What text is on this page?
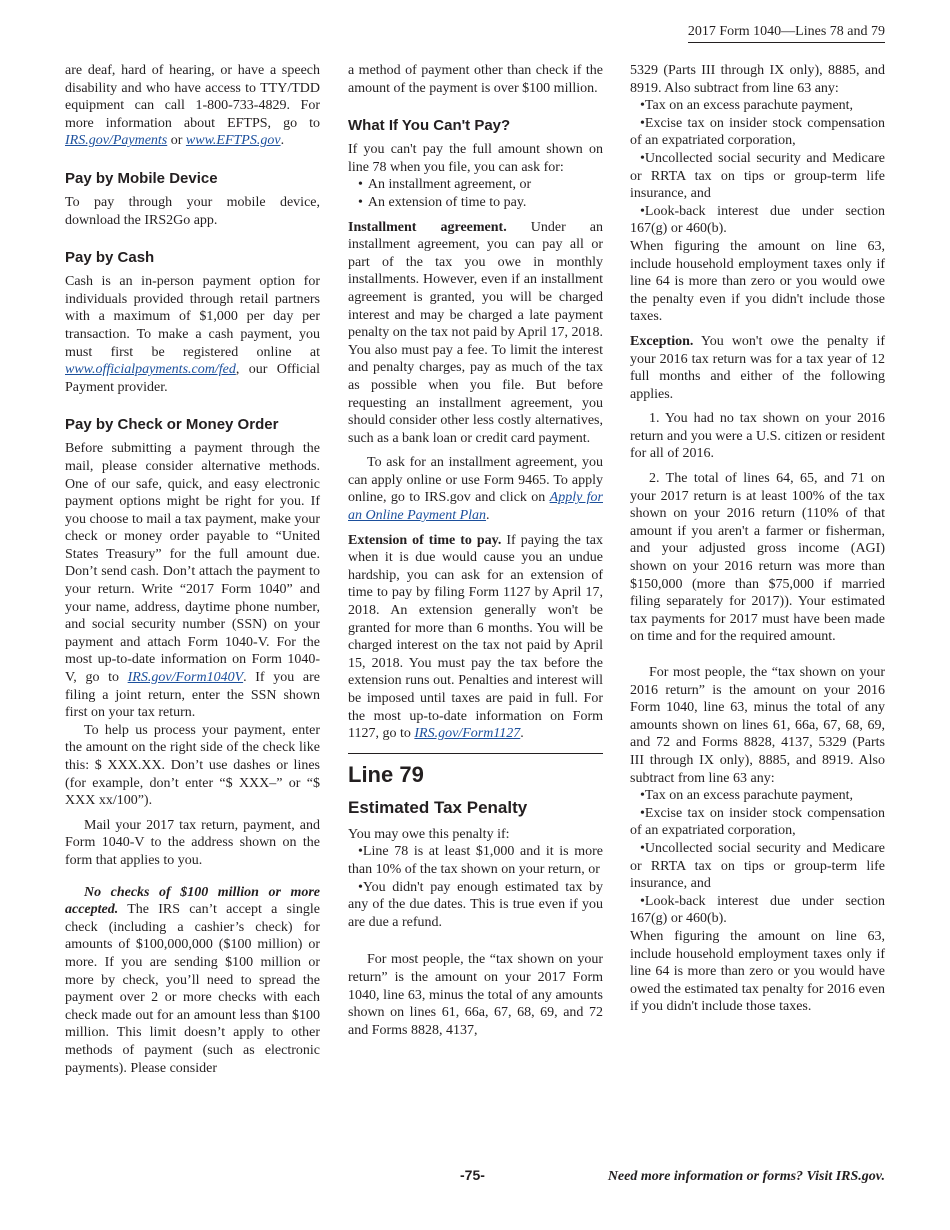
2017 Form 1040—Lines 78 and 79

are deaf, hard of hearing, or have a speech disability and who have access to TTY/TDD equipment can call 1-800-733-4829. For more information about EFTPS, go to IRS.gov/Payments or www.EFTPS.gov.

Pay by Mobile Device

To pay through your mobile device, download the IRS2Go app.

Pay by Cash

Cash is an in-person payment option for individuals provided through retail partners with a maximum of $1,000 per day per transaction. To make a cash payment, you must first be registered online at www.officialpayments.com/fed, our Official Payment provider.

Pay by Check or Money Order

Before submitting a payment through the mail, please consider alternative methods. One of our safe, quick, and easy electronic payment options might be right for you. If you choose to mail a tax payment, make your check or money order payable to “United States Treasury” for the full amount due. Don’t send cash. Don’t attach the payment to your return. Write “2017 Form 1040” and your name, address, daytime phone number, and social security number (SSN) on your payment and attach Form 1040-V. For the most up-to-date information on Form 1040-V, go to IRS.gov/Form1040V. If you are filing a joint return, enter the SSN shown first on your tax return.

To help us process your payment, enter the amount on the right side of the check like this: $ XXX.XX. Don’t use dashes or lines (for example, don’t enter “$ XXX–” or “$ XXX xx/100”).

Mail your 2017 tax return, payment, and Form 1040-V to the address shown on the form that applies to you.

No checks of $100 million or more accepted. The IRS can’t accept a single check (including a cashier’s check) for amounts of $100,000,000 ($100 million) or more. If you are sending $100 million or more by check, you’ll need to spread the payment over 2 or more checks with each check made out for an amount less than $100 million. This limit doesn’t apply to other methods of payment (such as electronic payments). Please consider

a method of payment other than check if the amount of the payment is over $100 million.

What If You Can't Pay?

If you can't pay the full amount shown on line 78 when you file, you can ask for:

• An installment agreement, or
• An extension of time to pay.

Installment agreement. Under an installment agreement, you can pay all or part of the tax you owe in monthly installments. However, even if an installment agreement is granted, you will be charged interest and may be charged a late payment penalty on the tax not paid by April 17, 2018. You also must pay a fee. To limit the interest and penalty charges, pay as much of the tax as possible when you file. But before requesting an installment agreement, you should consider other less costly alternatives, such as a bank loan or credit card payment.

To ask for an installment agreement, you can apply online or use Form 9465. To apply online, go to IRS.gov and click on Apply for an Online Payment Plan.

Extension of time to pay. If paying the tax when it is due would cause you an undue hardship, you can ask for an extension of time to pay by filing Form 1127 by April 17, 2018. An extension generally won't be granted for more than 6 months. You will be charged interest on the tax not paid by April 15, 2018. You must pay the tax before the extension runs out. Penalties and interest will be imposed until taxes are paid in full. For the most up-to-date information on Form 1127, go to IRS.gov/Form1127.

Line 79
Estimated Tax Penalty

You may owe this penalty if:

• Line 78 is at least $1,000 and it is more than 10% of the tax shown on your return, or

• You didn't pay enough estimated tax by any of the due dates. This is true even if you are due a refund.

For most people, the “tax shown on your return” is the amount on your 2017 Form 1040, line 63, minus the total of any amounts shown on lines 61, 66a, 67, 68, 69, and 72 and Forms 8828, 4137,

5329 (Parts III through IX only), 8885, and 8919. Also subtract from line 63 any:

• Tax on an excess parachute payment,

• Excise tax on insider stock compensation of an expatriated corporation,

• Uncollected social security and Medicare or RRTA tax on tips or group-term life insurance, and

• Look-back interest due under section 167(g) or 460(b).

When figuring the amount on line 63, include household employment taxes only if line 64 is more than zero or you would owe the penalty even if you didn't include those taxes.

Exception. You won't owe the penalty if your 2016 tax return was for a tax year of 12 full months and either of the following applies.

1. You had no tax shown on your 2016 return and you were a U.S. citizen or resident for all of 2016.

2. The total of lines 64, 65, and 71 on your 2017 return is at least 100% of the tax shown on your 2016 return (110% of that amount if you aren't a farmer or fisherman, and your adjusted gross income (AGI) shown on your 2016 return was more than $150,000 (more than $75,000 if married filing separately for 2017)). Your estimated tax payments for 2017 must have been made on time and for the required amount.

For most people, the “tax shown on your 2016 return” is the amount on your 2016 Form 1040, line 63, minus the total of any amounts shown on lines 61, 66a, 67, 68, 69, and 72 and Forms 8828, 4137, 5329 (Parts III through IX only), 8885, and 8919. Also subtract from line 63 any:

• Tax on an excess parachute payment,

• Excise tax on insider stock compensation of an expatriated corporation,

• Uncollected social security and Medicare or RRTA tax on tips or group-term life insurance, and

• Look-back interest due under section 167(g) or 460(b).

When figuring the amount on line 63, include household employment taxes only if line 64 is more than zero or you would have owed the estimated tax penalty for 2016 even if you didn't include those taxes.

-75-	Need more information or forms? Visit IRS.gov.
